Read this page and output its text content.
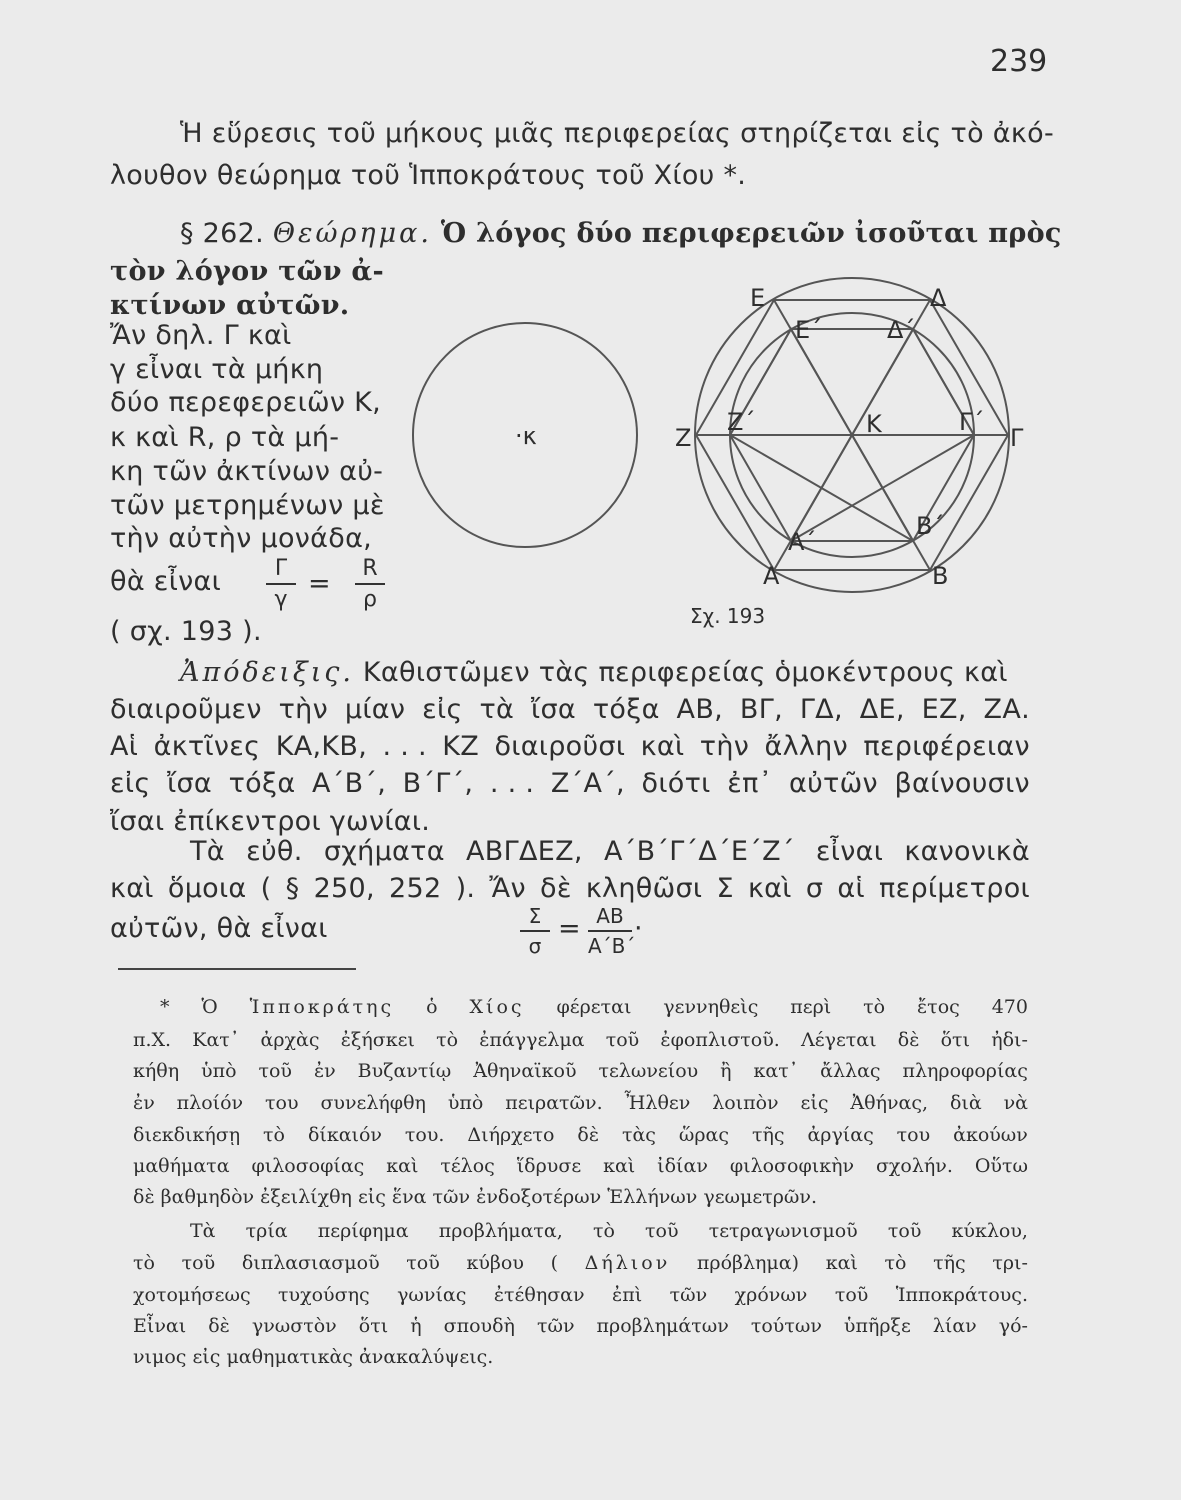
239
Ἡ εὕρεσις τοῦ μήκους μιᾶς περιφερείας στηρίζεται εἰς τὸ ἀκό-
λουθον θεώρημα τοῦ Ἱπποκράτους τοῦ Χίου *.
§ 262. Θεώρημα. Ὁ λόγος δύο περιφερειῶν ἰσοῦται πρὸς
τὸν λόγον τῶν ἀ-
κτίνων αὐτῶν.
Ἄν δηλ. Γ καὶ
γ εἶναι τὰ μήκη
δύο περεφερειῶν Κ,
κ καὶ R, ρ τὰ μή-
κη τῶν ἀκτίνων αὐ-
τῶν μετρημένων μὲ
τὴν αὐτὴν μονάδα,
θὰ εἶναι	Γ
γ
=	R
ρ
( σχ. 193 ).
·κ
Ε	Δ
Ε΄	Δ΄
Ζ
Ζ΄	Κ	Γ΄
Γ
Β΄
Α΄
Α	Β
Σχ. 193
Ἀπόδειξις. Καθιστῶμεν τὰς περιφερείας ὁμοκέντρους καὶ
διαιροῦμεν τὴν μίαν εἰς τὰ ἴσα τόξα ΑΒ, ΒΓ, ΓΔ, ΔΕ, ΕΖ, ΖΑ.
Αἱ ἀκτῖνες ΚΑ,ΚΒ, . . . ΚΖ διαιροῦσι καὶ τὴν ἄλλην περιφέρειαν
εἰς ἴσα τόξα Α΄Β΄, Β΄Γ΄, . . . Ζ΄Α΄, διότι ἐπ᾽ αὐτῶν βαίνουσιν
ἴσαι ἐπίκεντροι γωνίαι.
Τὰ εὐθ. σχήματα ΑΒΓΔΕΖ, Α΄Β΄Γ΄Δ΄Ε΄Ζ΄ εἶναι κανονικὰ
καὶ ὅμοια ( § 250, 252 ). Ἄν δὲ κληθῶσι Σ καὶ σ αἱ περίμετροι
αὐτῶν, θὰ εἶναι	Σ
σ
= ΑΒ
Α΄Β΄
·
* Ὁ Ἱπποκράτης ὁ Χίος φέρεται γεννηθεὶς περὶ τὸ ἔτος 470
π.Χ. Κατ᾽ ἀρχὰς ἐξήσκει τὸ ἐπάγγελμα τοῦ ἐφοπλιστοῦ. Λέγεται δὲ ὅτι ἠδι-
κήθη ὑπὸ τοῦ ἐν Βυζαντίῳ Ἀθηναϊκοῦ τελωνείου ἢ κατ᾽ ἄλλας πληροφορίας
ἐν πλοίόν του συνελήφθη ὑπὸ πειρατῶν. Ἦλθεν λοιπὸν εἰς Ἀθήνας, διὰ νὰ
διεκδικήσῃ τὸ δίκαιόν του. Διήρχετο δὲ τὰς ὥρας τῆς ἀργίας του ἀκούων
μαθήματα φιλοσοφίας καὶ τέλος ἵδρυσε καὶ ἰδίαν φιλοσοφικὴν σχολήν. Οὕτω
δὲ βαθμηδὸν ἐξειλίχθη εἰς ἕνα τῶν ἐνδοξοτέρων Ἑλλήνων γεωμετρῶν.
Τὰ τρία περίφημα προβλήματα, τὸ τοῦ τετραγωνισμοῦ τοῦ κύκλου,
τὸ τοῦ διπλασιασμοῦ τοῦ κύβου ( Δήλιον πρόβλημα) καὶ τὸ τῆς τρι-
χοτομήσεως τυχούσης γωνίας ἐτέθησαν ἐπὶ τῶν χρόνων τοῦ Ἱπποκράτους.
Εἶναι δὲ γνωστὸν ὅτι ἡ σπουδὴ τῶν προβλημάτων τούτων ὑπῆρξε λίαν γό-
νιμος εἰς μαθηματικὰς ἀνακαλύψεις.
